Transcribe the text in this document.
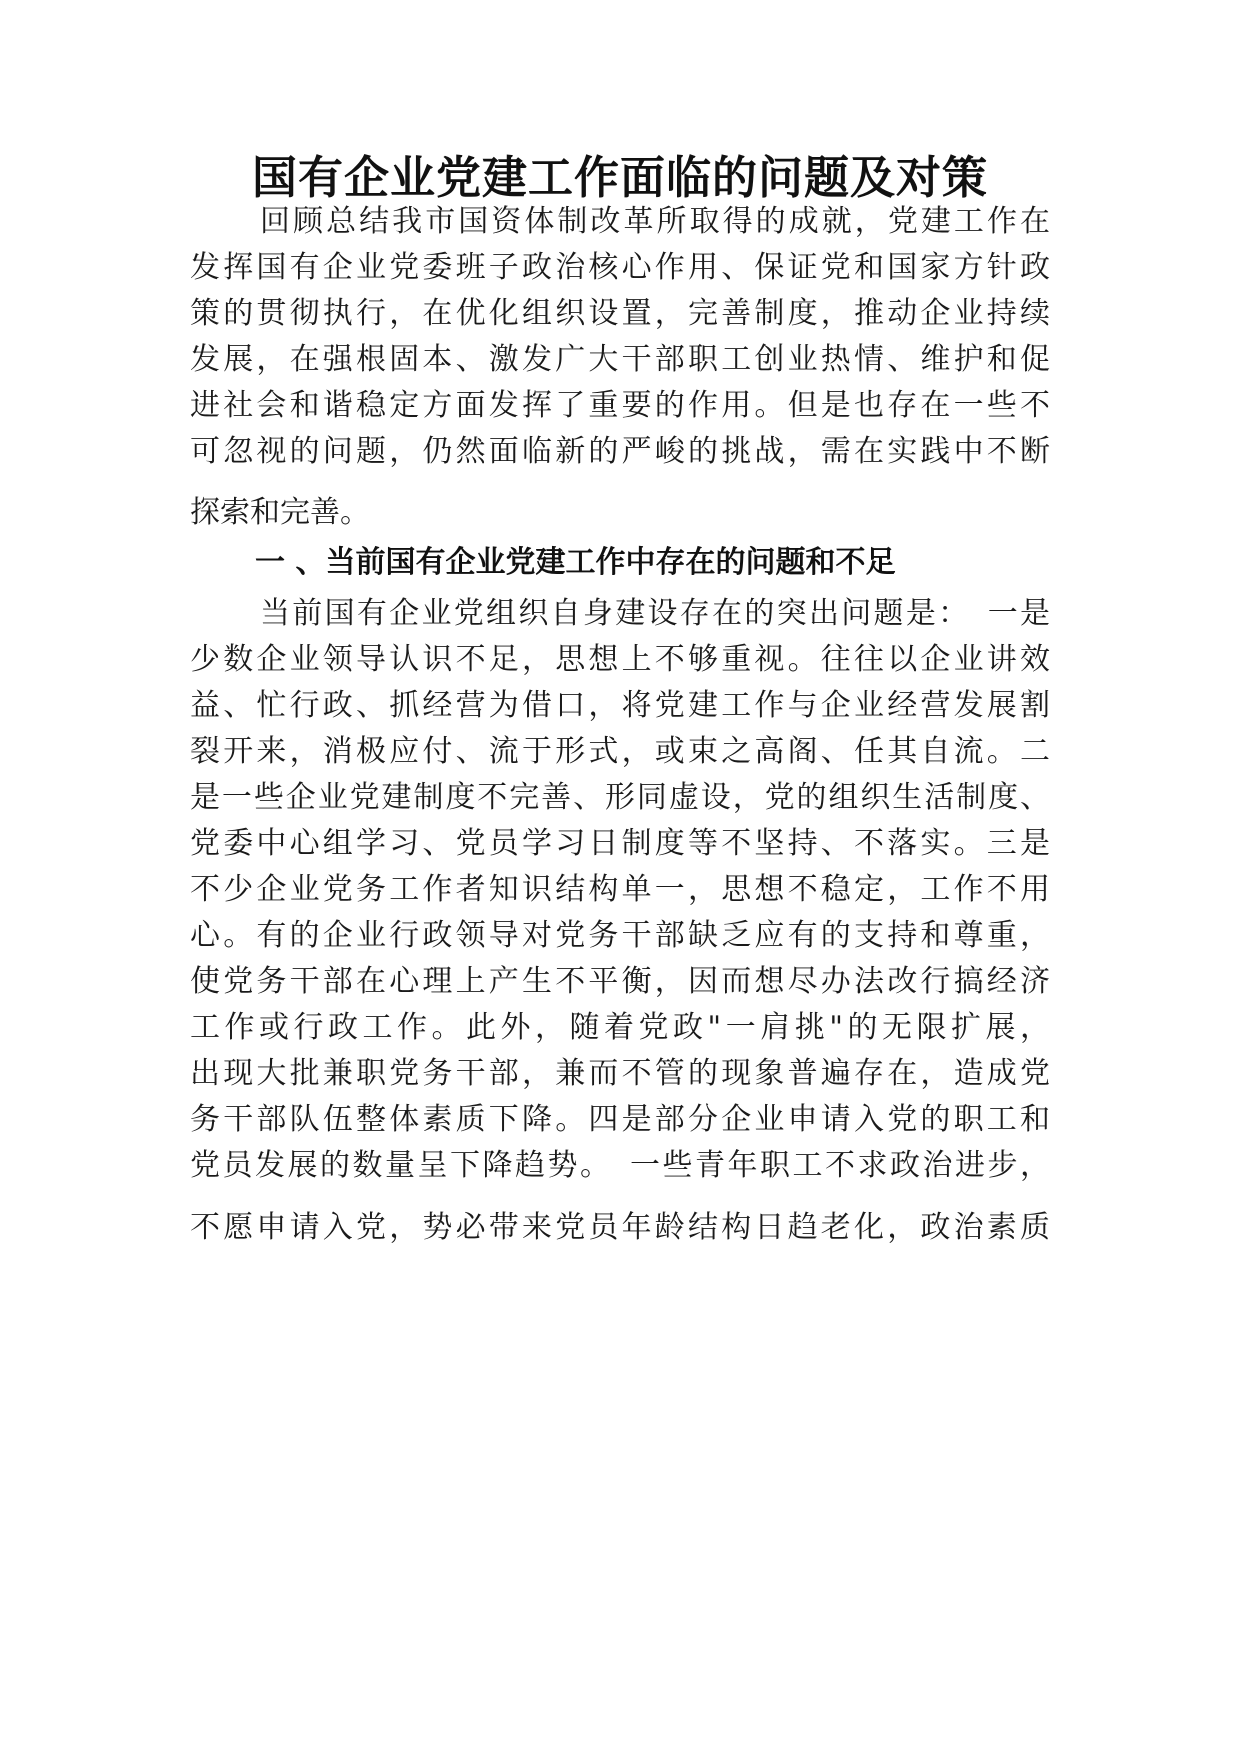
国有企业党建工作面临的问题及对策
回顾总结我市国资体制改革所取得的成就，党建工作在
发挥国有企业党委班子政治核心作用、保证党和国家方针政
策的贯彻执行，在优化组织设置，完善制度，推动企业持续
发展，在强根固本、激发广大干部职工创业热情、维护和促
进社会和谐稳定方面发挥了重要的作用。但是也存在一些不
可忽视的问题，仍然面临新的严峻的挑战，需在实践中不断
探索和完善。
一 、当前国有企业党建工作中存在的问题和不足
当前国有企业党组织自身建设存在的突出问题是：　一是
少数企业领导认识不足，思想上不够重视。往往以企业讲效
益、忙行政、抓经营为借口，将党建工作与企业经营发展割
裂开来，消极应付、流于形式，或束之高阁、任其自流。二
是一些企业党建制度不完善、形同虚设，党的组织生活制度、
党委中心组学习、党员学习日制度等不坚持、不落实。三是
不少企业党务工作者知识结构单一，思想不稳定，工作不用
心。有的企业行政领导对党务干部缺乏应有的支持和尊重，
使党务干部在心理上产生不平衡，因而想尽办法改行搞经济
工作或行政工作。此外，随着党政"一肩挑"的无限扩展，
出现大批兼职党务干部，兼而不管的现象普遍存在，造成党
务干部队伍整体素质下降。四是部分企业申请入党的职工和
党员发展的数量呈下降趋势。　一些青年职工不求政治进步，
不愿申请入党，势必带来党员年龄结构日趋老化，政治素质
